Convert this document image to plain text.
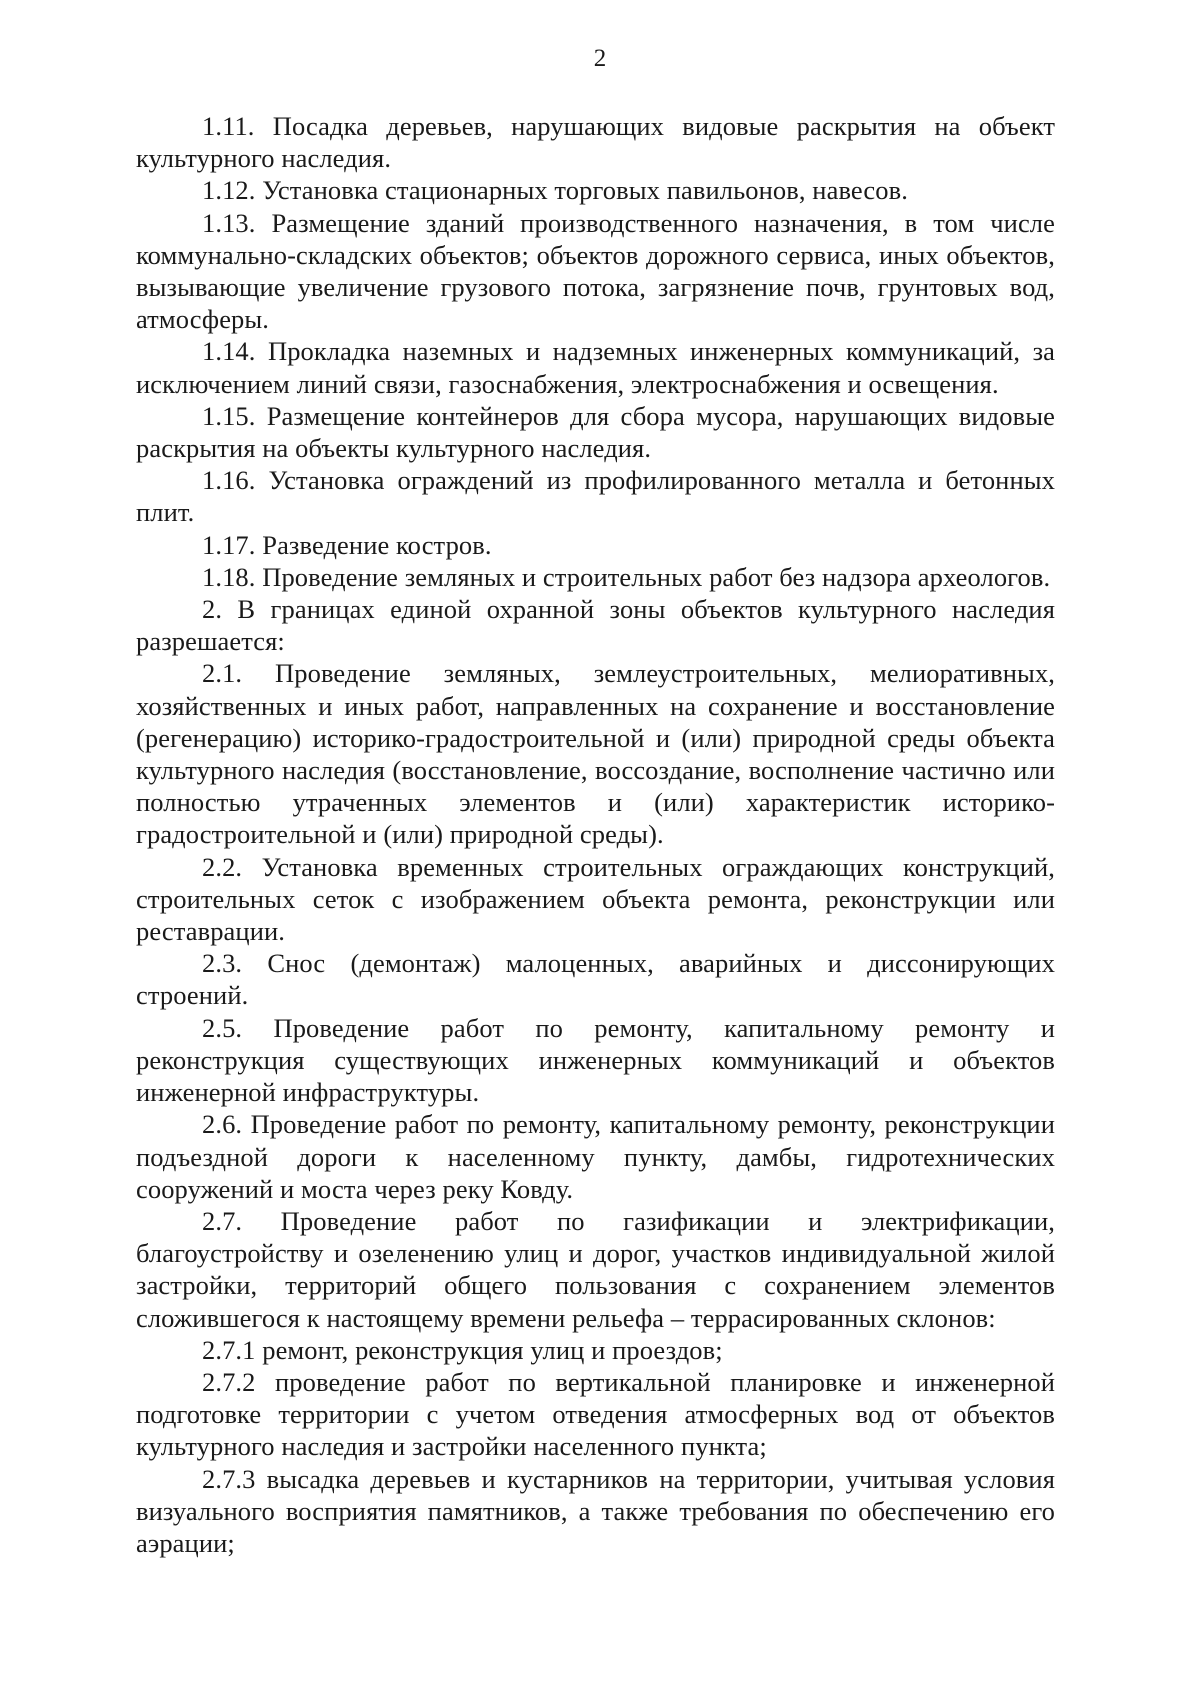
2

1.11. Посадка деревьев, нарушающих видовые раскрытия на объект культурного наследия.

1.12. Установка стационарных торговых павильонов, навесов.

1.13. Размещение зданий производственного назначения, в том числе коммунально-складских объектов; объектов дорожного сервиса, иных объектов, вызывающие увеличение грузового потока, загрязнение почв, грунтовых вод, атмосферы.

1.14. Прокладка наземных и надземных инженерных коммуникаций, за исключением линий связи, газоснабжения, электроснабжения и освещения.

1.15. Размещение контейнеров для сбора мусора, нарушающих видовые раскрытия на объекты культурного наследия.

1.16. Установка ограждений из профилированного металла и бетонных плит.

1.17. Разведение костров.

1.18. Проведение земляных и строительных работ без надзора археологов.

2. В границах единой охранной зоны объектов культурного наследия разрешается:

2.1. Проведение земляных, землеустроительных, мелиоративных, хозяйственных и иных работ, направленных на сохранение и восстановление (регенерацию) историко-градостроительной и (или) природной среды объекта культурного наследия (восстановление, воссоздание, восполнение частично или полностью утраченных элементов и (или) характеристик историко-градостроительной и (или) природной среды).

2.2. Установка временных строительных ограждающих конструкций, строительных сеток с изображением объекта ремонта, реконструкции или реставрации.

2.3. Снос (демонтаж) малоценных, аварийных и диссонирующих строений.

2.5. Проведение работ по ремонту, капитальному ремонту и реконструкция существующих инженерных коммуникаций и объектов инженерной инфраструктуры.

2.6. Проведение работ по ремонту, капитальному ремонту, реконструкции подъездной дороги к населенному пункту, дамбы, гидротехнических сооружений и моста через реку Ковду.

2.7. Проведение работ по газификации и электрификации, благоустройству и озеленению улиц и дорог, участков индивидуальной жилой застройки, территорий общего пользования с сохранением элементов сложившегося к настоящему времени рельефа – террасированных склонов:

2.7.1 ремонт, реконструкция улиц и проездов;

2.7.2 проведение работ по вертикальной планировке и инженерной подготовке территории с учетом отведения атмосферных вод от объектов культурного наследия и застройки населенного пункта;

2.7.3 высадка деревьев и кустарников на территории, учитывая условия визуального восприятия памятников, а также требования по обеспечению его аэрации;
